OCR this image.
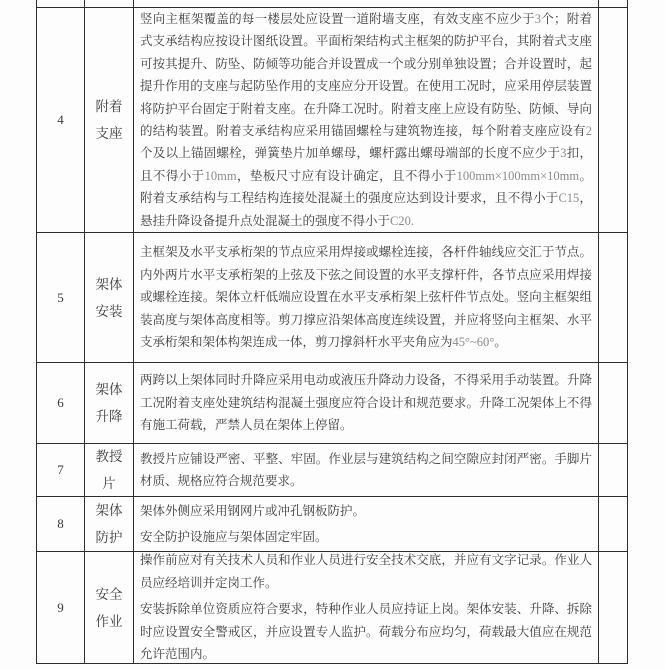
4
附着
支座

竖向主框架覆盖的每一楼层处应设置一道附墙支座，有效支座不应少于3个；附着式支承结构应按设计图纸设置。平面桁架结构式主框架的防护平台，其附着式支座可按其提升、防坠、防倾等功能合并设置成一个或分别单独设置；合并设置时，起提升作用的支座与起防坠作用的支座应分开设置。在使用工况时，应采用停层装置将防护平台固定于附着支座。在升降工况时。附着支座上应设有防坠、防倾、导向的结构装置。附着支承结构应采用锚固螺栓与建筑物连接，每个附着支座应设有2个及以上锚固螺栓，弹簧垫片加单螺母，螺杆露出螺母端部的长度不应少于3扣，且不得小于10mm，垫板尺寸应有设计确定，且不得小于100mm×100mm×10mm。附着支承结构与工程结构连接处混凝土的强度应达到设计要求，且不得小于C15，悬挂升降设备提升点处混凝土的强度不得小于C20.

5
架体
安装

主框架及水平支承桁架的节点应采用焊接或螺栓连接，各杆件轴线应交汇于节点。内外两片水平支承桁架的上弦及下弦之间设置的水平支撑杆件，各节点应采用焊接或螺栓连接。架体立杆低端应设置在水平支承桁架上弦杆件节点处。竖向主框架组装高度与架体高度相等。剪刀撑应沿架体高度连续设置，并应将竖向主框架、水平支承桁架和架体构架连成一体，剪刀撑斜杆水平夹角应为45°~60°。

6
架体
升降

两跨以上架体同时升降应采用电动或液压升降动力设备，不得采用手动装置。升降工况附着支座处建筑结构混凝土强度应符合设计和规范要求。升降工况架体上不得有施工荷载，严禁人员在架体上停留。

7
教授
片

教授片应铺设严密、平整、牢固。作业层与建筑结构之间空隙应封闭严密。手脚片材质、规格应符合规范要求。

8
架体
防护

架体外侧应采用钢网片或冲孔钢板防护。

安全防护设施应与架体固定牢固。

9
安全
作业

操作前应对有关技术人员和作业人员进行安全技术交底，并应有文字记录。作业人员应经培训并定岗工作。

安装拆除单位资质应符合要求，特种作业人员应持证上岗。架体安装、升降、拆除时应设置安全警戒区，并应设置专人监护。荷载分布应均匀，荷载最大值应在规范允许范围内。
